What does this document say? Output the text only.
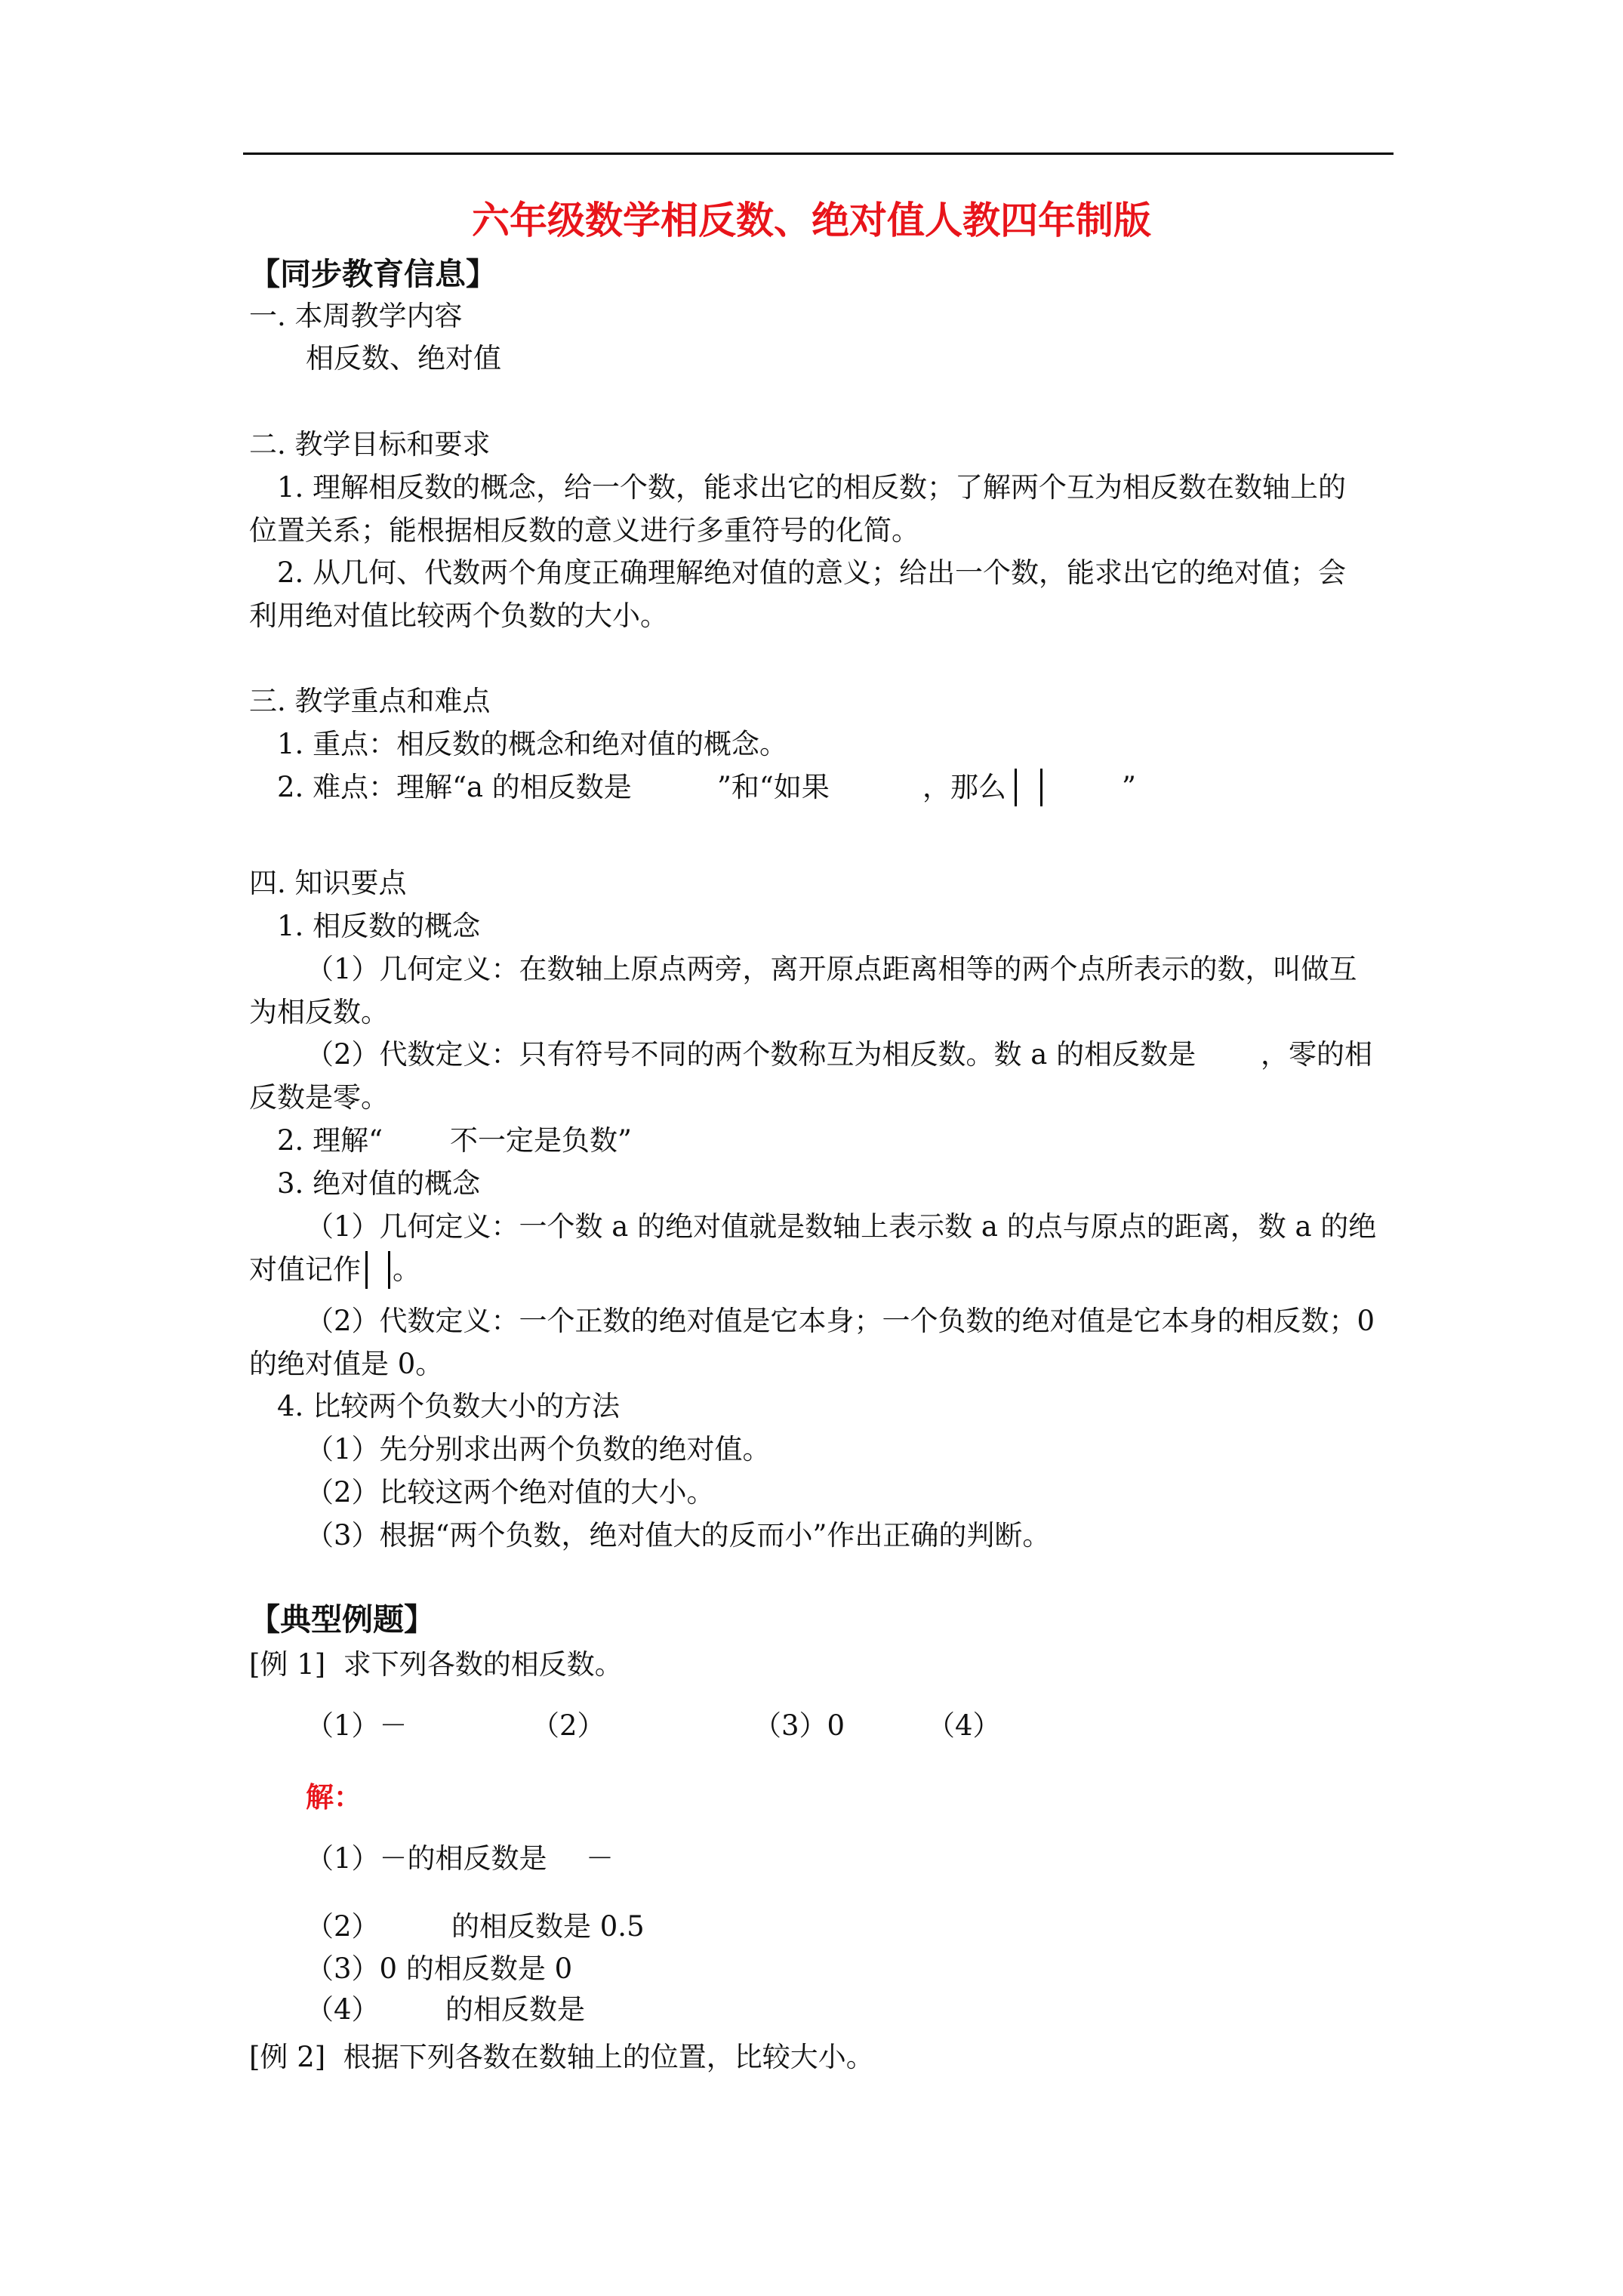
六年级数学相反数、绝对值人教四年制版
【同步教育信息】
一. 本周教学内容
相反数、绝对值
二. 教学目标和要求
1. 理解相反数的概念，给一个数，能求出它的相反数；了解两个互为相反数在数轴上的
位置关系；能根据相反数的意义进行多重符号的化简。
2. 从几何、代数两个角度正确理解绝对值的意义；给出一个数，能求出它的绝对值；会
利用绝对值比较两个负数的大小。
三. 教学重点和难点
1. 重点：相反数的概念和绝对值的概念。
2. 难点：理解“a 的相反数是	”和“如果	，那么	”
四. 知识要点
1. 相反数的概念
（1）几何定义：在数轴上原点两旁，离开原点距离相等的两个点所表示的数，叫做互
为相反数。
（2）代数定义：只有符号不同的两个数称互为相反数。数 a 的相反数是 ，零的相
反数是零。
2. 理解“ 不一定是负数”
3. 绝对值的概念
（1）几何定义：一个数 a 的绝对值就是数轴上表示数 a 的点与原点的距离，数 a 的绝
对值记作 。
（2）代数定义：一个正数的绝对值是它本身；一个负数的绝对值是它本身的相反数；0
的绝对值是 0。
4. 比较两个负数大小的方法
（1）先分别求出两个负数的绝对值。
（2）比较这两个绝对值的大小。
（3）根据“两个负数，绝对值大的反而小”作出正确的判断。
【典型例题】
[例 1]  求下列各数的相反数。
（1）－	（2）	（3）0	（4）
解：
（1）－的相反数是 －
（2）	的相反数是 0.5
（3）0 的相反数是 0
（4） 的相反数是
[例 2]  根据下列各数在数轴上的位置，比较大小。
